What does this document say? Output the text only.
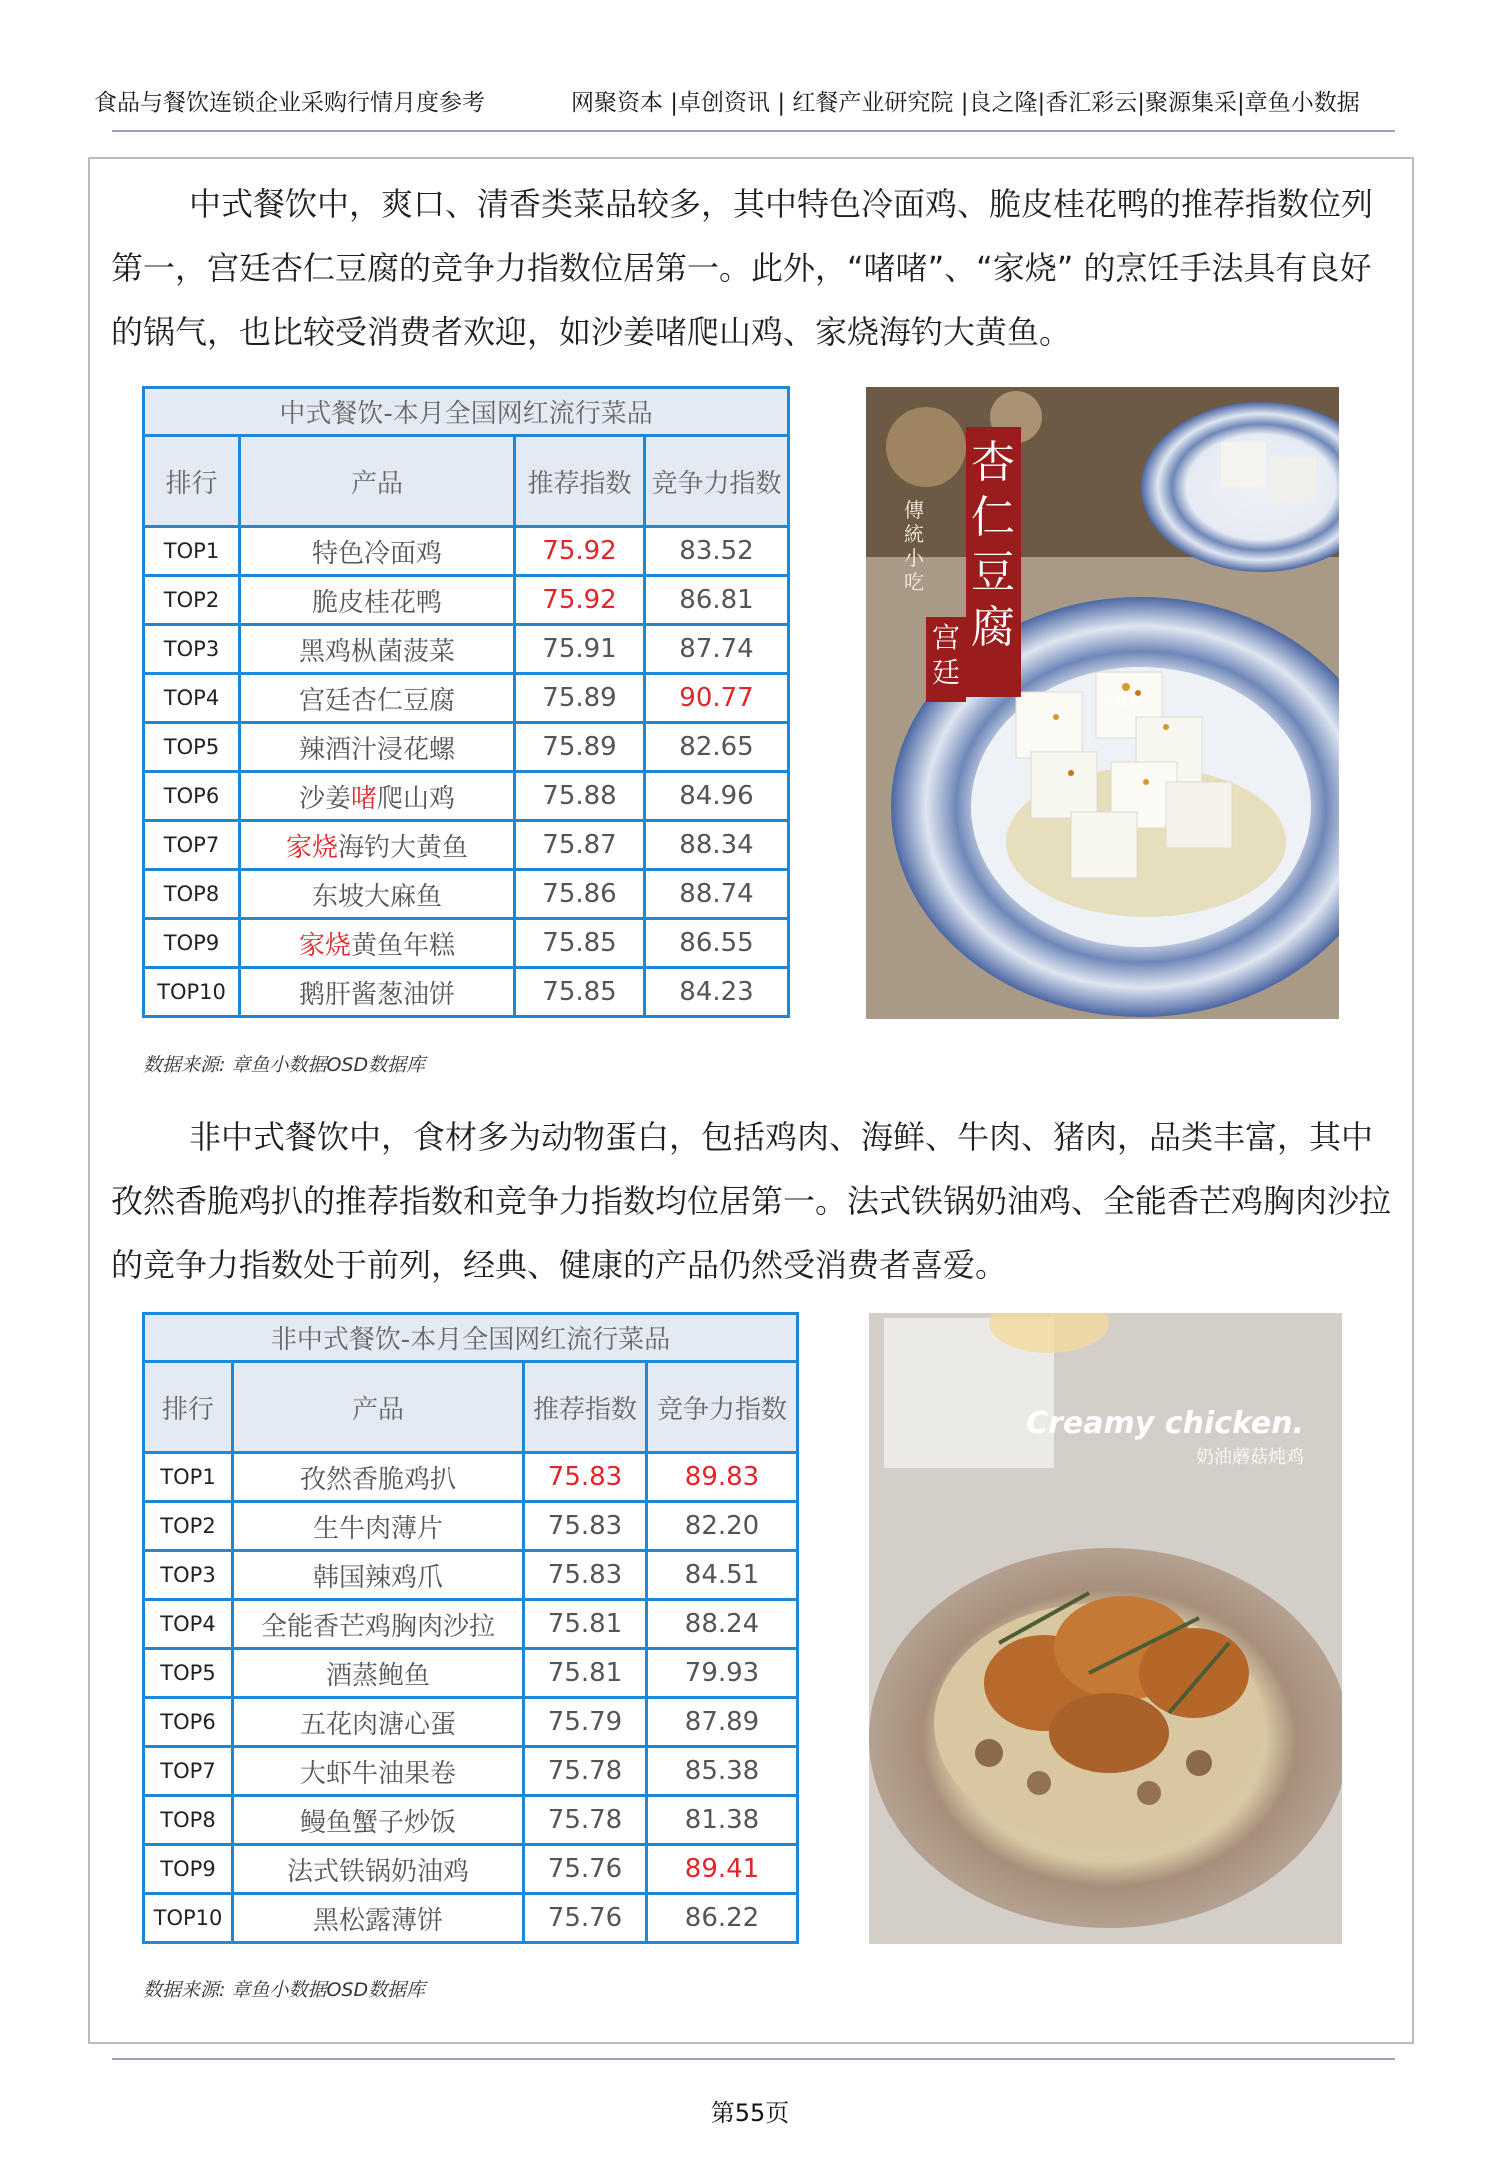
食品与餐饮连锁企业采购行情月度参考	网聚资本 |卓创资讯 | 红餐产业研究院 |良之隆|香汇彩云|聚源集采|章鱼小数据
中式餐饮中，爽口、清香类菜品较多，其中特色冷面鸡、脆皮桂花鸭的推荐指数位列第一，宫廷杏仁豆腐的竞争力指数位居第一。此外，“啫啫”、“家烧” 的烹饪手法具有良好的锅气，也比较受消费者欢迎，如沙姜啫爬山鸡、家烧海钓大黄鱼。
中式餐饮-本月全国网红流行菜品			
排行	产品	推荐指数	竞争力指数
TOP1	特色冷面鸡	75.92	83.52
TOP2	脆皮桂花鸭	75.92	86.81
TOP3	黑鸡枞菌菠菜	75.91	87.74
TOP4	宫廷杏仁豆腐	75.89	90.77
TOP5	辣酒汁浸花螺	75.89	82.65
TOP6	沙姜啫爬山鸡	75.88	84.96
TOP7	家烧海钓大黄鱼	75.87	88.34
TOP8	东坡大麻鱼	75.86	88.74
TOP9	家烧黄鱼年糕	75.85	86.55
TOP10	鹅肝酱葱油饼	75.85	84.23
数据来源: 章鱼小数据OSD数据库
杏
仁
豆
腐
宫
廷
傳
統
小
吃
小红书
非中式餐饮中，食材多为动物蛋白，包括鸡肉、海鲜、牛肉、猪肉，品类丰富，其中孜然香脆鸡扒的推荐指数和竞争力指数均位居第一。法式铁锅奶油鸡、全能香芒鸡胸肉沙拉的竞争力指数处于前列，经典、健康的产品仍然受消费者喜爱。
非中式餐饮-本月全国网红流行菜品			
排行	产品	推荐指数	竞争力指数
TOP1	孜然香脆鸡扒	75.83	89.83
TOP2	生牛肉薄片	75.83	82.20
TOP3	韩国辣鸡爪	75.83	84.51
TOP4	全能香芒鸡胸肉沙拉	75.81	88.24
TOP5	酒蒸鲍鱼	75.81	79.93
TOP6	五花肉溏心蛋	75.79	87.89
TOP7	大虾牛油果卷	75.78	85.38
TOP8	鳗鱼蟹子炒饭	75.78	81.38
TOP9	法式铁锅奶油鸡	75.76	89.41
TOP10	黑松露薄饼	75.76	86.22
数据来源: 章鱼小数据OSD数据库
Creamy chicken.
奶油蘑菇炖鸡
第55页
